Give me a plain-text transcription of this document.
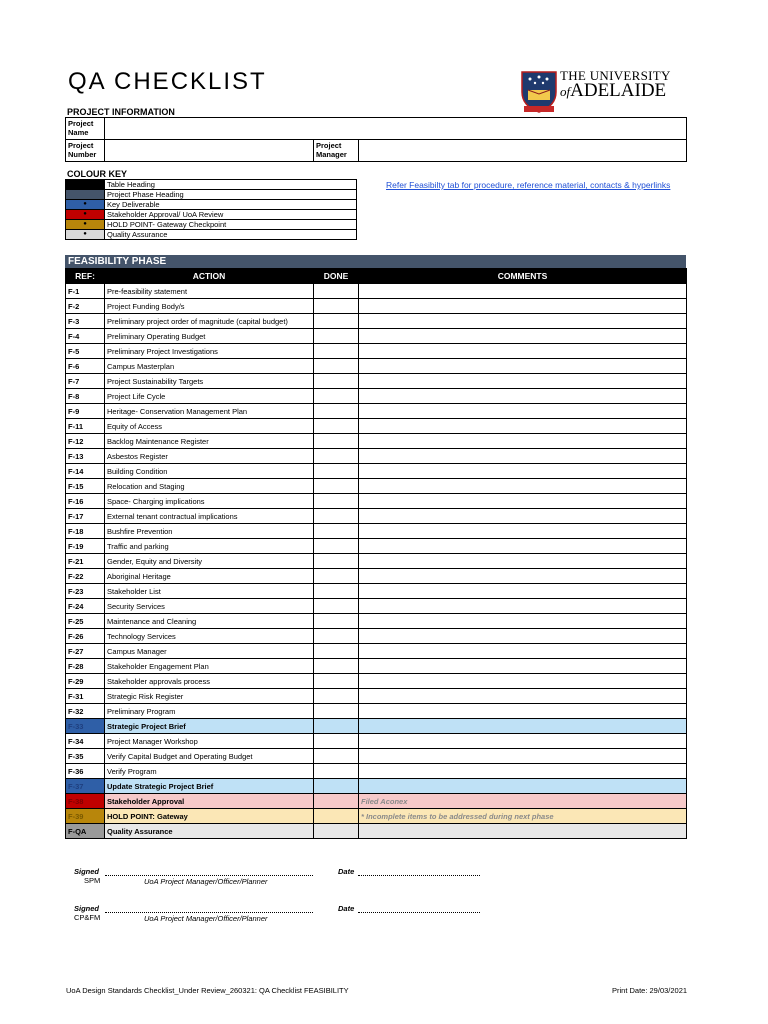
QA CHECKLIST	THE UNIVERSITY
ofADELAIDE
PROJECT INFORMATION
Project Name			
Project Number		Project Manager	
COLOUR KEY
	Table Heading
	Project Phase Heading
●	Key Deliverable
●	Stakeholder Approval/ UoA Review
●	HOLD POINT- Gateway Checkpoint
●	Quality Assurance
Refer Feasibilty tab for procedure, reference material, contacts & hyperlinks
FEASIBILITY PHASE
REF:	ACTION	DONE	COMMENTS
F-1	Pre-feasibility statement		
F-2	Project Funding Body/s		
F-3	Preliminary project order of magnitude (capital budget)		
F-4	Preliminary Operating Budget		
F-5	Preliminary Project Investigations		
F-6	Campus Masterplan		
F-7	Project Sustainability Targets		
F-8	Project Life Cycle		
F-9	Heritage- Conservation Management Plan		
F-11	Equity of Access		
F-12	Backlog Maintenance Register		
F-13	Asbestos Register		
F-14	Building Condition		
F-15	Relocation and Staging		
F-16	Space- Charging implications		
F-17	External tenant contractual implications		
F-18	Bushfire Prevention		
F-19	Traffic and parking		
F-21	Gender, Equity and Diversity		
F-22	Aboriginal Heritage		
F-23	Stakeholder List		
F-24	Security Services		
F-25	Maintenance and Cleaning		
F-26	Technology Services		
F-27	Campus Manager		
F-28	Stakeholder Engagement Plan		
F-29	Stakeholder approvals process		
F-31	Strategic Risk Register		
F-32	Preliminary Program		
F-33	Strategic Project Brief		
F-34	Project Manager Workshop		
F-35	Verify Capital Budget and Operating Budget		
F-36	Verify Program		
F-37	Update Strategic Project Brief		
F-38	Stakeholder Approval		Filed Aconex
F-39	HOLD POINT: Gateway		* Incomplete items to be addressed during next phase
F-QA	Quality Assurance		
Signed
SPM	UoA Project Manager/Officer/Planner
Date
Signed
CP&FM	UoA Project Manager/Officer/Planner
Date
UoA Design Standards Checklist_Under Review_260321: QA Checklist FEASIBILITY	Print Date: 29/03/2021
